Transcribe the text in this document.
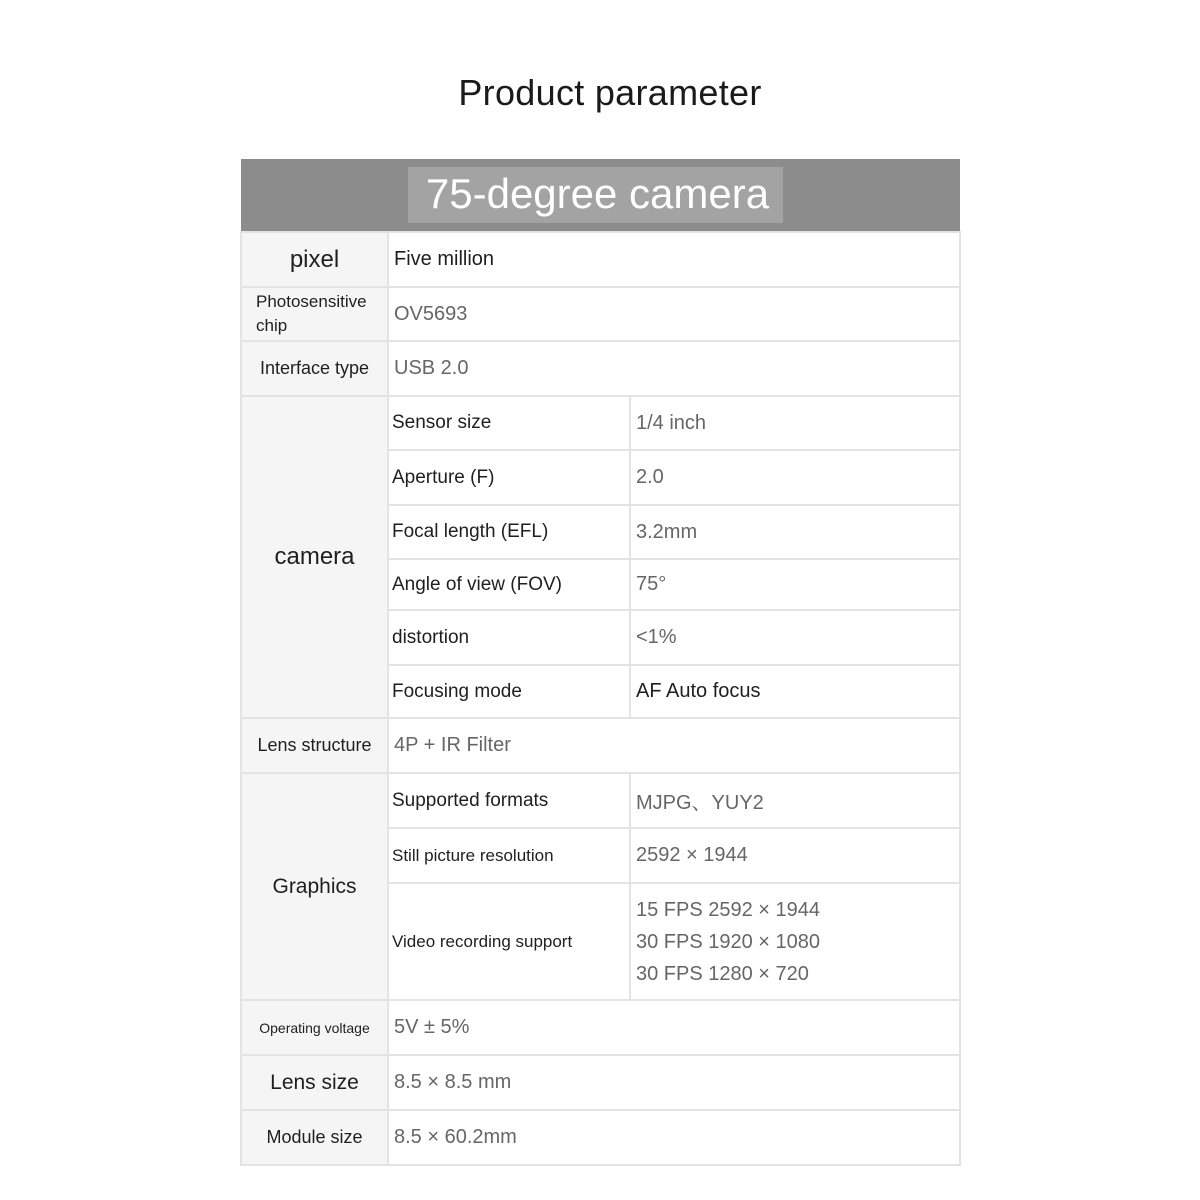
Product parameter
75-degree camera		
pixel	Five million	
Photosensitive chip	OV5693	
Interface type	USB 2.0	
camera	Sensor size	1/4 inch
	Aperture (F)	2.0
	Focal length (EFL)	3.2mm
	Angle of view (FOV)	75°
	distortion	<1%
	Focusing mode	AF Auto focus
Lens structure	4P + IR Filter	
Graphics	Supported formats	MJPG、YUY2
	Still picture resolution	2592 × 1944
	Video recording support	15 FPS 2592 × 1944
30 FPS 1920 × 1080
30 FPS 1280 × 720

Operating voltage	5V ± 5%	
Lens size	8.5 × 8.5 mm	
Module size	8.5 × 60.2mm	
